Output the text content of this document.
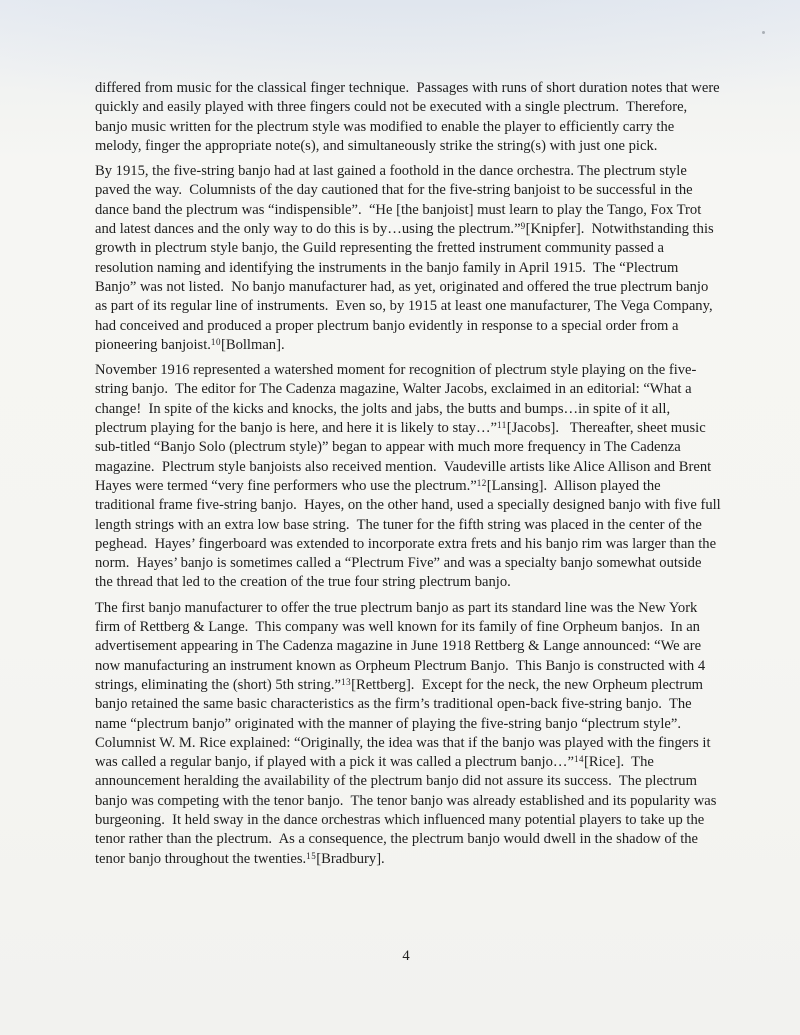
differed from music for the classical finger technique.  Passages with runs of short duration notes that were quickly and easily played with three fingers could not be executed with a single plectrum.  Therefore, banjo music written for the plectrum style was modified to enable the player to efficiently carry the melody, finger the appropriate note(s), and simultaneously strike the string(s) with just one pick.

By 1915, the five-string banjo had at last gained a foothold in the dance orchestra. The plectrum style paved the way.  Columnists of the day cautioned that for the five-string banjoist to be successful in the dance band the plectrum was “indispensible”.  “He [the banjoist] must learn to play the Tango, Fox Trot and latest dances and the only way to do this is by…using the plectrum.”$^9$[Knipfer].  Notwithstanding this growth in plectrum style banjo, the Guild representing the fretted instrument community passed a resolution naming and identifying the instruments in the banjo family in April 1915.  The “Plectrum Banjo” was not listed.  No banjo manufacturer had, as yet, originated and offered the true plectrum banjo as part of its regular line of instruments.  Even so, by 1915 at least one manufacturer, The Vega Company, had conceived and produced a proper plectrum banjo evidently in response to a special order from a pioneering banjoist.$^{10}$[Bollman].

November 1916 represented a watershed moment for recognition of plectrum style playing on the five-string banjo.  The editor for The Cadenza magazine, Walter Jacobs, exclaimed in an editorial: “What a change!  In spite of the kicks and knocks, the jolts and jabs, the butts and bumps…in spite of it all, plectrum playing for the banjo is here, and here it is likely to stay…”$^{11}$[Jacobs].   Thereafter, sheet music sub-titled “Banjo Solo (plectrum style)” began to appear with much more frequency in The Cadenza magazine.  Plectrum style banjoists also received mention.  Vaudeville artists like Alice Allison and Brent Hayes were termed “very fine performers who use the plectrum.”$^{12}$[Lansing].  Allison played the traditional frame five-string banjo.  Hayes, on the other hand, used a specially designed banjo with five full length strings with an extra low base string.  The tuner for the fifth string was placed in the center of the peghead.  Hayes’ fingerboard was extended to incorporate extra frets and his banjo rim was larger than the norm.  Hayes’ banjo is sometimes called a “Plectrum Five” and was a specialty banjo somewhat outside the thread that led to the creation of the true four string plectrum banjo.

The first banjo manufacturer to offer the true plectrum banjo as part its standard line was the New York firm of Rettberg & Lange.  This company was well known for its family of fine Orpheum banjos.  In an advertisement appearing in The Cadenza magazine in June 1918 Rettberg & Lange announced: “We are now manufacturing an instrument known as Orpheum Plectrum Banjo.  This Banjo is constructed with 4 strings, eliminating the (short) 5th string.”$^{13}$[Rettberg].  Except for the neck, the new Orpheum plectrum banjo retained the same basic characteristics as the firm’s traditional open-back five-string banjo.  The name “plectrum banjo” originated with the manner of playing the five-string banjo “plectrum style”.   Columnist W. M. Rice explained: “Originally, the idea was that if the banjo was played with the fingers it was called a regular banjo, if played with a pick it was called a plectrum banjo…”$^{14}$[Rice].  The announcement heralding the availability of the plectrum banjo did not assure its success.  The plectrum banjo was competing with the tenor banjo.  The tenor banjo was already established and its popularity was burgeoning.  It held sway in the dance orchestras which influenced many potential players to take up the tenor rather than the plectrum.  As a consequence, the plectrum banjo would dwell in the shadow of the tenor banjo throughout the twenties.$^{15}$[Bradbury].

4
